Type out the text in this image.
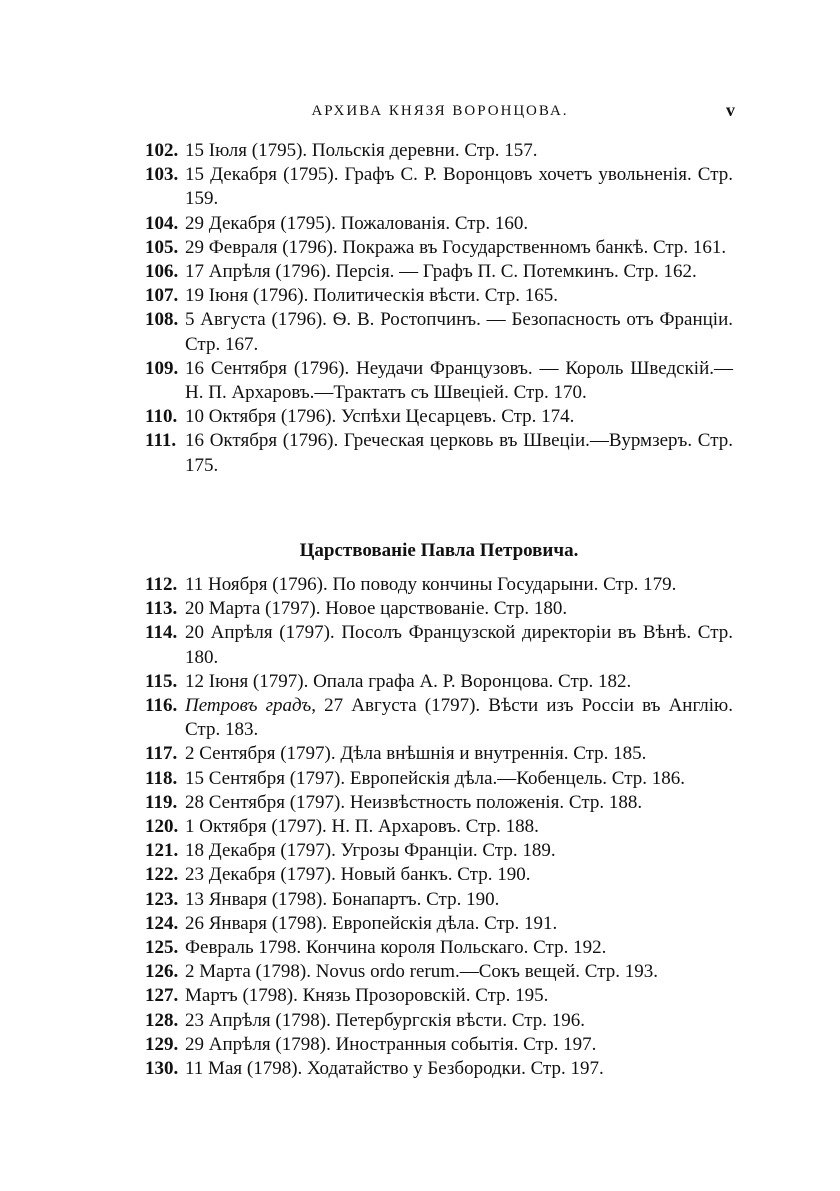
АРХИВА КНЯЗЯ ВОРОНЦОВА.	v
102. 15 Іюля (1795). Польскія деревни. Стр. 157.
103. 15 Декабря (1795). Графъ С. Р. Воронцовъ хочетъ увольненія. Стр. 159.
104. 29 Декабря (1795). Пожалованія. Стр. 160.
105. 29 Февраля (1796). Покража въ Государственномъ банкѣ. Стр. 161.
106. 17 Апрѣля (1796). Персія. — Графъ П. С. Потемкинъ. Стр. 162.
107. 19 Іюня (1796). Политическія вѣсти. Стр. 165.
108. 5 Августа (1796). Ѳ. В. Ростопчинъ. — Безопасность отъ Франціи. Стр. 167.
109. 16 Сентября (1796). Неудачи Французовъ. — Король Шведскій.—Н. П. Архаровъ.—Трактатъ съ Швеціей. Стр. 170.
110. 10 Октября (1796). Успѣхи Цесарцевъ. Стр. 174.
111. 16 Октября (1796). Греческая церковь въ Швеціи.—Вурмзеръ. Стр. 175.
Царствованіе Павла Петровича.
112. 11 Ноября (1796). По поводу кончины Государыни. Стр. 179.
113. 20 Марта (1797). Новое царствованіе. Стр. 180.
114. 20 Апрѣля (1797). Посолъ Французской директоріи въ Вѣнѣ. Стр. 180.
115. 12 Іюня (1797). Опала графа А. Р. Воронцова. Стр. 182.
116. Петровъ градъ, 27 Августа (1797). Вѣсти изъ Россіи въ Англію. Стр. 183.
117. 2 Сентября (1797). Дѣла внѣшнія и внутреннія. Стр. 185.
118. 15 Сентября (1797). Европейскія дѣла.—Кобенцель. Стр. 186.
119. 28 Сентября (1797). Неизвѣстность положенія. Стр. 188.
120. 1 Октября (1797). Н. П. Архаровъ. Стр. 188.
121. 18 Декабря (1797). Угрозы Франціи. Стр. 189.
122. 23 Декабря (1797). Новый банкъ. Стр. 190.
123. 13 Января (1798). Бонапартъ. Стр. 190.
124. 26 Января (1798). Европейскія дѣла. Стр. 191.
125. Февраль 1798. Кончина короля Польскаго. Стр. 192.
126. 2 Марта (1798). Novus ordo rerum.—Сокъ вещей. Стр. 193.
127. Мартъ (1798). Князь Прозоровскій. Стр. 195.
128. 23 Апрѣля (1798). Петербургскія вѣсти. Стр. 196.
129. 29 Апрѣля (1798). Иностранныя событія. Стр. 197.
130. 11 Мая (1798). Ходатайство у Безбородки. Стр. 197.
